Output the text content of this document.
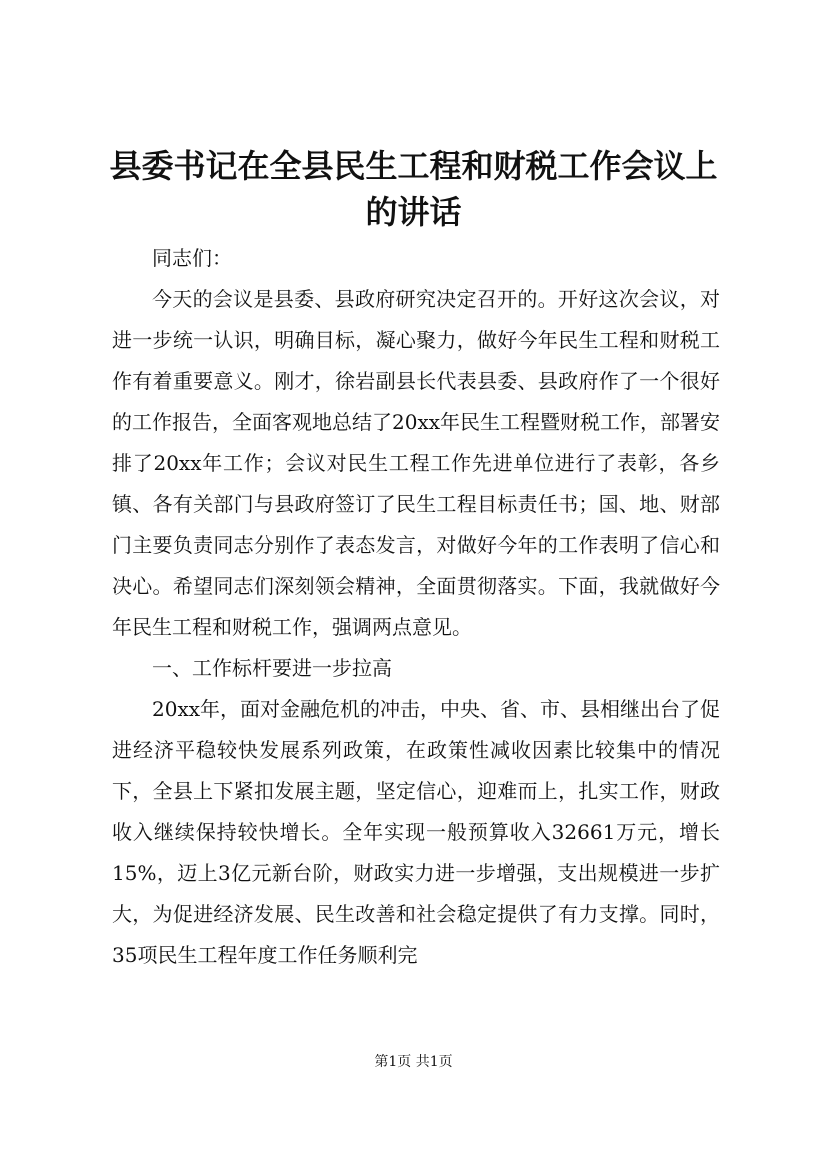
县委书记在全县民生工程和财税工作会议上的讲话

同志们：

今天的会议是县委、县政府研究决定召开的。开好这次会议，对进一步统一认识，明确目标，凝心聚力，做好今年民生工程和财税工作有着重要意义。刚才，徐岩副县长代表县委、县政府作了一个很好的工作报告，全面客观地总结了20xx年民生工程暨财税工作，部署安排了20xx年工作；会议对民生工程工作先进单位进行了表彰，各乡镇、各有关部门与县政府签订了民生工程目标责任书；国、地、财部门主要负责同志分别作了表态发言，对做好今年的工作表明了信心和决心。希望同志们深刻领会精神，全面贯彻落实。下面，我就做好今年民生工程和财税工作，强调两点意见。

一、工作标杆要进一步拉高

20xx年，面对金融危机的冲击，中央、省、市、县相继出台了促进经济平稳较快发展系列政策，在政策性减收因素比较集中的情况下，全县上下紧扣发展主题，坚定信心，迎难而上，扎实工作，财政收入继续保持较快增长。全年实现一般预算收入32661万元，增长15%，迈上3亿元新台阶，财政实力进一步增强，支出规模进一步扩大，为促进经济发展、民生改善和社会稳定提供了有力支撑。同时，35项民生工程年度工作任务顺利完

第1页 共1页
